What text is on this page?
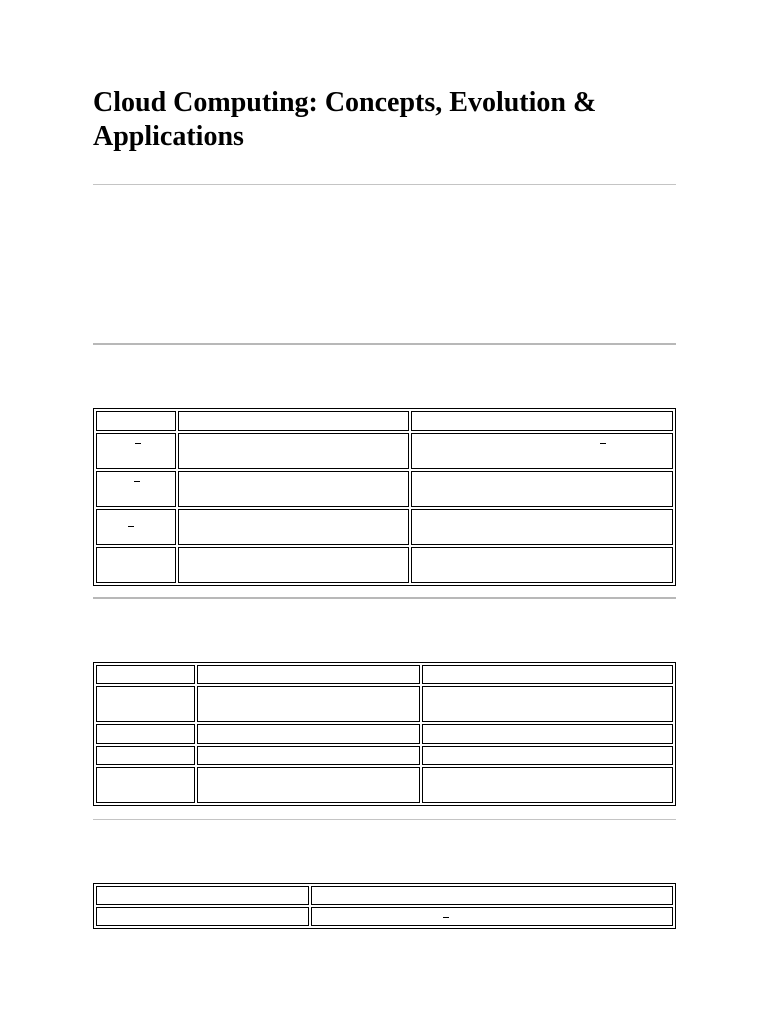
Cloud Computing: Concepts, Evolution & Applications
